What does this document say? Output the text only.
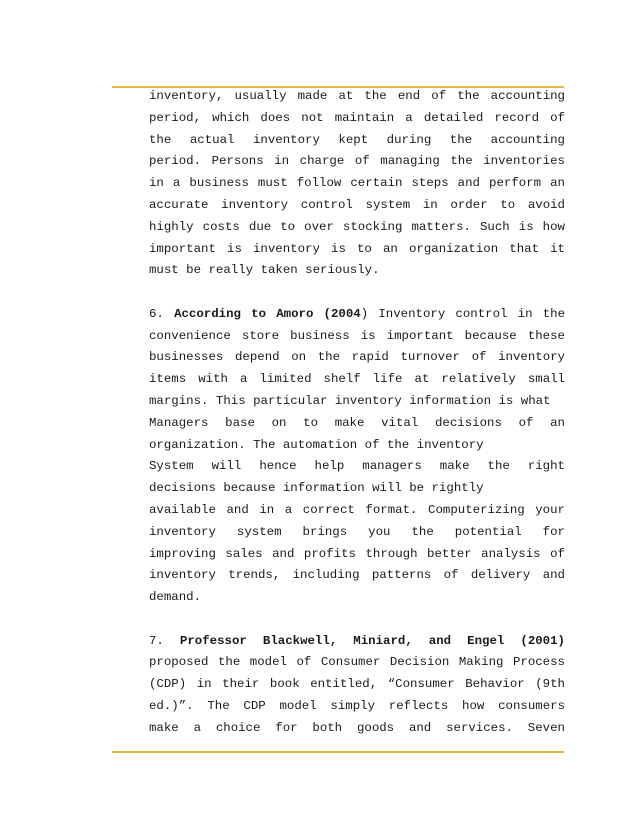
inventory, usually made at the end of the accounting
period, which does not maintain a detailed record of
the actual inventory kept during the accounting
period. Persons in charge of managing the inventories
in a business must follow certain steps and perform an
accurate inventory control system in order to avoid
highly costs due to over stocking matters. Such is how
important is inventory is to an organization that it
must be really taken seriously.
6. According to Amoro (2004) Inventory control in the
convenience store business is important because these
businesses depend on the rapid turnover of inventory
items with a limited shelf life at relatively small
margins. This particular inventory information is what
Managers base on to make vital decisions of an
organization. The automation of the inventory
System will hence help managers make the right
decisions because information will be rightly
available and in a correct format. Computerizing your
inventory system brings you the potential for
improving sales and profits through better analysis of
inventory trends, including patterns of delivery and
demand.
7. Professor Blackwell, Miniard, and Engel (2001)
proposed the model of Consumer Decision Making Process
(CDP) in their book entitled, “Consumer Behavior (9th
ed.)”. The CDP model simply reflects how consumers
make a choice for both goods and services. Seven
